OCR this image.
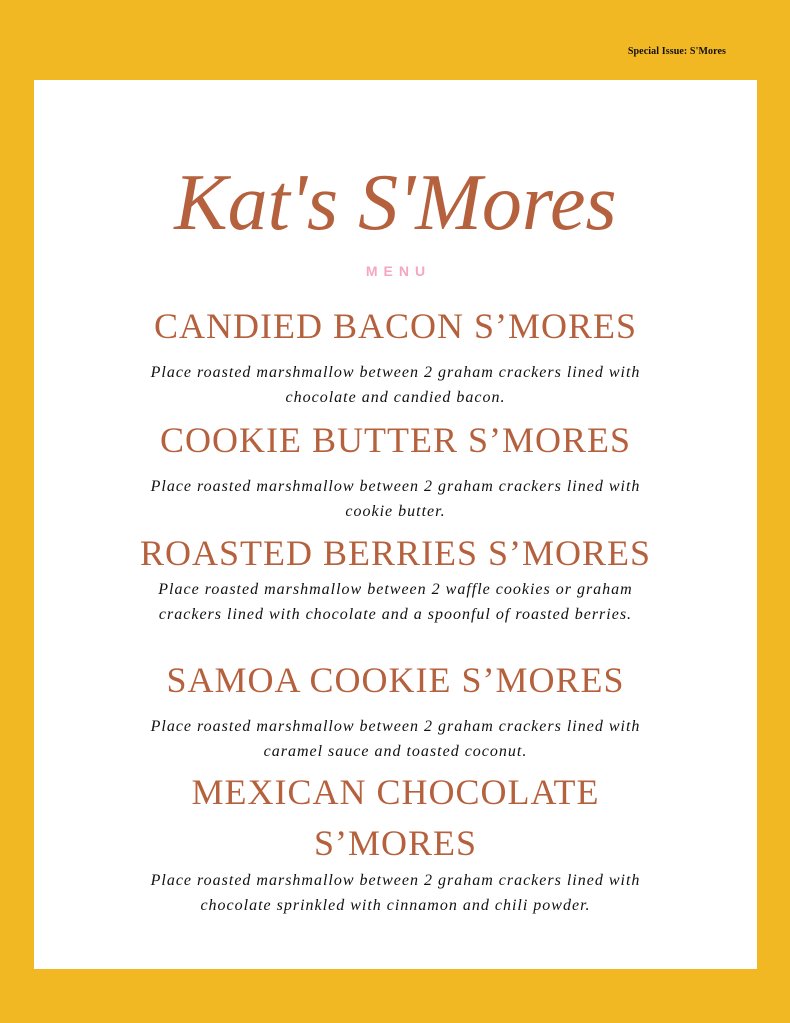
Special Issue: S'Mores
Kat's S'Mores
MENU
CANDIED BACON S’MORES
Place roasted marshmallow between 2 graham crackers lined with chocolate and candied bacon.
COOKIE BUTTER S’MORES
Place roasted marshmallow between 2 graham crackers lined with cookie butter.
ROASTED BERRIES S’MORES
Place roasted marshmallow between 2 waffle cookies or graham crackers lined with chocolate and a spoonful of roasted berries.
SAMOA COOKIE S’MORES
Place roasted marshmallow between 2 graham crackers lined with caramel sauce and toasted coconut.
MEXICAN CHOCOLATE
S’MORES
Place roasted marshmallow between 2 graham crackers lined with chocolate sprinkled with cinnamon and chili powder.
